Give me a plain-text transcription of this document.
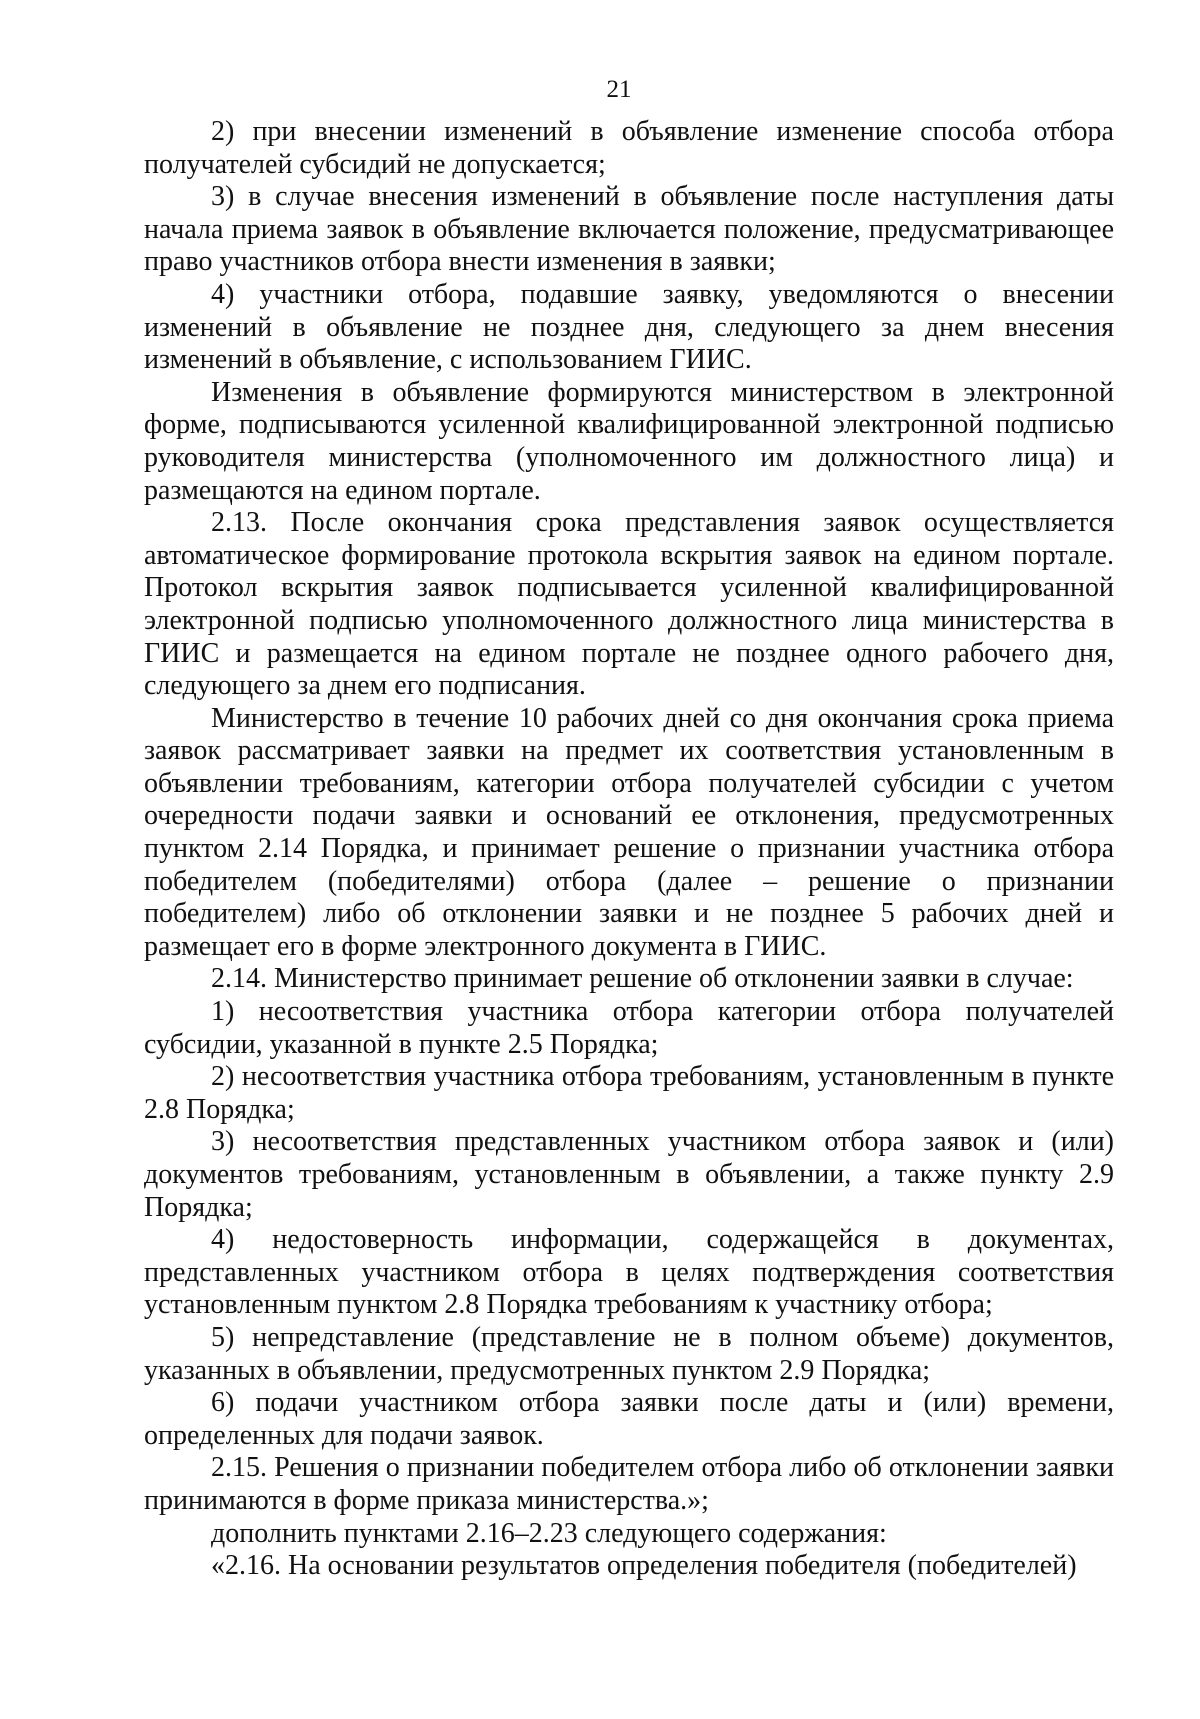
21

2) при внесении изменений в объявление изменение способа отбора получателей субсидий не допускается;

3) в случае внесения изменений в объявление после наступления даты начала приема заявок в объявление включается положение, предусматривающее право участников отбора внести изменения в заявки;

4) участники отбора, подавшие заявку, уведомляются о внесении изменений в объявление не позднее дня, следующего за днем внесения изменений в объявление, с использованием ГИИС.

Изменения в объявление формируются министерством в электронной форме, подписываются усиленной квалифицированной электронной подписью руководителя министерства (уполномоченного им должностного лица) и размещаются на едином портале.

2.13. После окончания срока представления заявок осуществляется автоматическое формирование протокола вскрытия заявок на едином портале. Протокол вскрытия заявок подписывается усиленной квалифицированной электронной подписью уполномоченного должностного лица министерства в ГИИС и размещается на едином портале не позднее одного рабочего дня, следующего за днем его подписания.

Министерство в течение 10 рабочих дней со дня окончания срока приема заявок рассматривает заявки на предмет их соответствия установленным в объявлении требованиям, категории отбора получателей субсидии с учетом очередности подачи заявки и оснований ее отклонения, предусмотренных пунктом 2.14 Порядка, и принимает решение о признании участника отбора победителем (победителями) отбора (далее – решение о признании победителем) либо об отклонении заявки и не позднее 5 рабочих дней и размещает его в форме электронного документа в ГИИС.

2.14. Министерство принимает решение об отклонении заявки в случае:

1) несоответствия участника отбора категории отбора получателей субсидии, указанной в пункте 2.5 Порядка;

2) несоответствия участника отбора требованиям, установленным в пункте 2.8 Порядка;

3) несоответствия представленных участником отбора заявок и (или) документов требованиям, установленным в объявлении, а также пункту 2.9 Порядка;

4) недостоверность информации, содержащейся в документах, представленных участником отбора в целях подтверждения соответствия установленным пунктом 2.8 Порядка требованиям к участнику отбора;

5) непредставление (представление не в полном объеме) документов, указанных в объявлении, предусмотренных пунктом 2.9 Порядка;

6) подачи участником отбора заявки после даты и (или) времени, определенных для подачи заявок.

2.15. Решения о признании победителем отбора либо об отклонении заявки принимаются в форме приказа министерства.»;

дополнить пунктами 2.16–2.23 следующего содержания:

«2.16. На основании результатов определения победителя (победителей)
